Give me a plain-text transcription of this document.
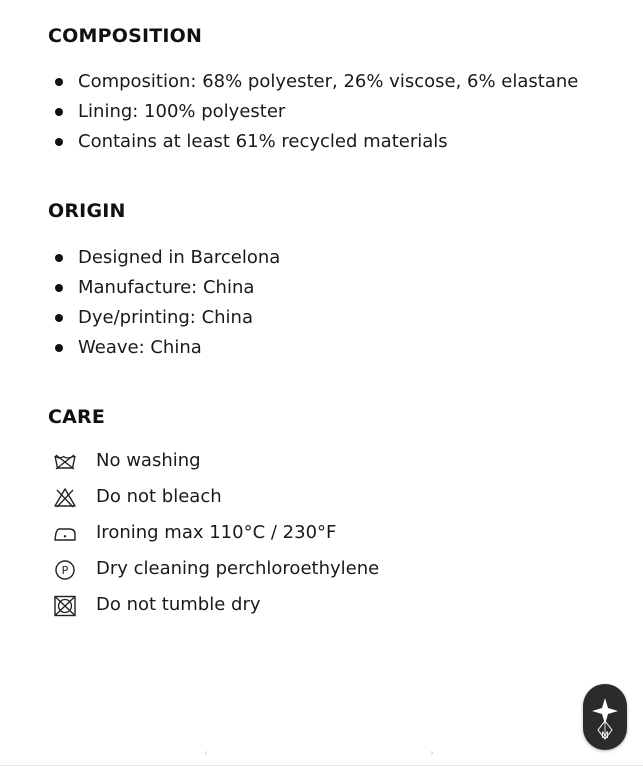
COMPOSITION
Composition: 68% polyester, 26% viscose, 6% elastane
Lining: 100% polyester
Contains at least 61% recycled materials
ORIGIN
Designed in Barcelona
Manufacture: China
Dye/printing: China
Weave: China
CARE
No washing
Do not bleach
Ironing max 110°C / 230°F
P Dry cleaning perchloroethylene
Do not tumble dry
‹	›
M
